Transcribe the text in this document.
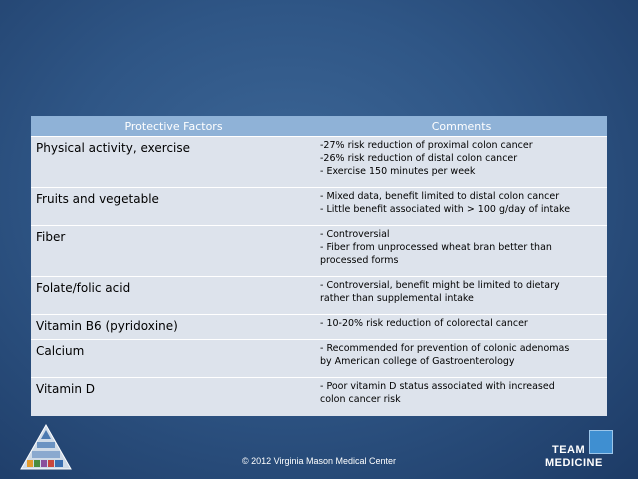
Protective Factors	Comments
Physical activity, exercise	-27% risk reduction of proximal colon cancer
-26% risk reduction of distal colon cancer
- Exercise 150 minutes per week

Fruits and vegetable	- Mixed data, benefit limited to distal colon cancer
- Little benefit associated with > 100 g/day of intake

Fiber	- Controversial
- Fiber from unprocessed wheat bran better than
processed forms

Folate/folic acid	- Controversial, benefit might be limited to dietary
rather than supplemental intake

Vitamin B6 (pyridoxine)	- 10-20% risk reduction of colorectal cancer

Calcium	- Recommended for prevention of colonic adenomas
by American college of Gastroenterology

Vitamin D	- Poor vitamin D status associated with increased
colon cancer risk
© 2012 Virginia Mason Medical Center
TEAM
MEDICINE
